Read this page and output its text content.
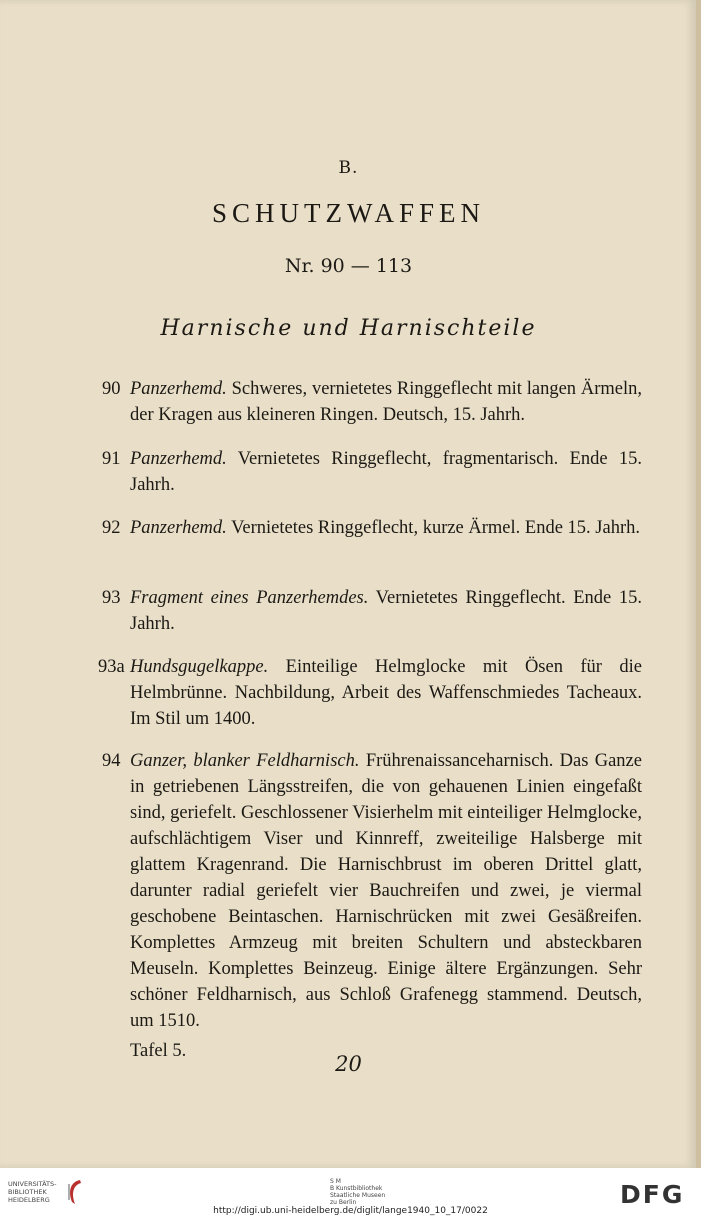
B.
SCHUTZWAFFEN
Nr. 90 — 113
Harnische und Harnischteile
90 Panzerhemd. Schweres, vernietetes Ringgeflecht mit langen Ärmeln, der Kragen aus kleineren Ringen. Deutsch, 15. Jahrh.
91 Panzerhemd. Vernietetes Ringgeflecht, fragmentarisch. Ende 15. Jahrh.
92 Panzerhemd. Vernietetes Ringgeflecht, kurze Ärmel. Ende 15. Jahrh.
93 Fragment eines Panzerhemdes. Vernietetes Ringgeflecht. Ende 15. Jahrh.
93a Hundsgugelkappe. Einteilige Helmglocke mit Ösen für die Helmbrünne. Nachbildung, Arbeit des Waffenschmiedes Tacheaux. Im Stil um 1400.
94 Ganzer, blanker Feldharnisch. Frührenaissanceharnisch. Das Ganze in getriebenen Längsstreifen, die von gehauenen Linien eingefaßt sind, geriefelt. Geschlossener Visierhelm mit einteiliger Helmglocke, aufschlächtigem Viser und Kinnreff, zweiteilige Halsberge mit glattem Kragenrand. Die Harnischbrust im oberen Drittel glatt, darunter radial geriefelt vier Bauchreifen und zwei, je viermal geschobene Beintaschen. Harnischrücken mit zwei Gesäßreifen. Komplettes Armzeug mit breiten Schultern und absteckbaren Meuseln. Komplettes Beinzeug. Einige ältere Ergänzungen. Sehr schöner Feldharnisch, aus Schloß Grafenegg stammend. Deutsch, um 1510.
Tafel 5.
20
UNIVERSITÄTS-
BIBLIOTHEK
HEIDELBERG
S M
B Kunstbibliothek
Staatliche Museen
zu Berlin	DFG
http://digi.ub.uni-heidelberg.de/diglit/lange1940_10_17/0022
